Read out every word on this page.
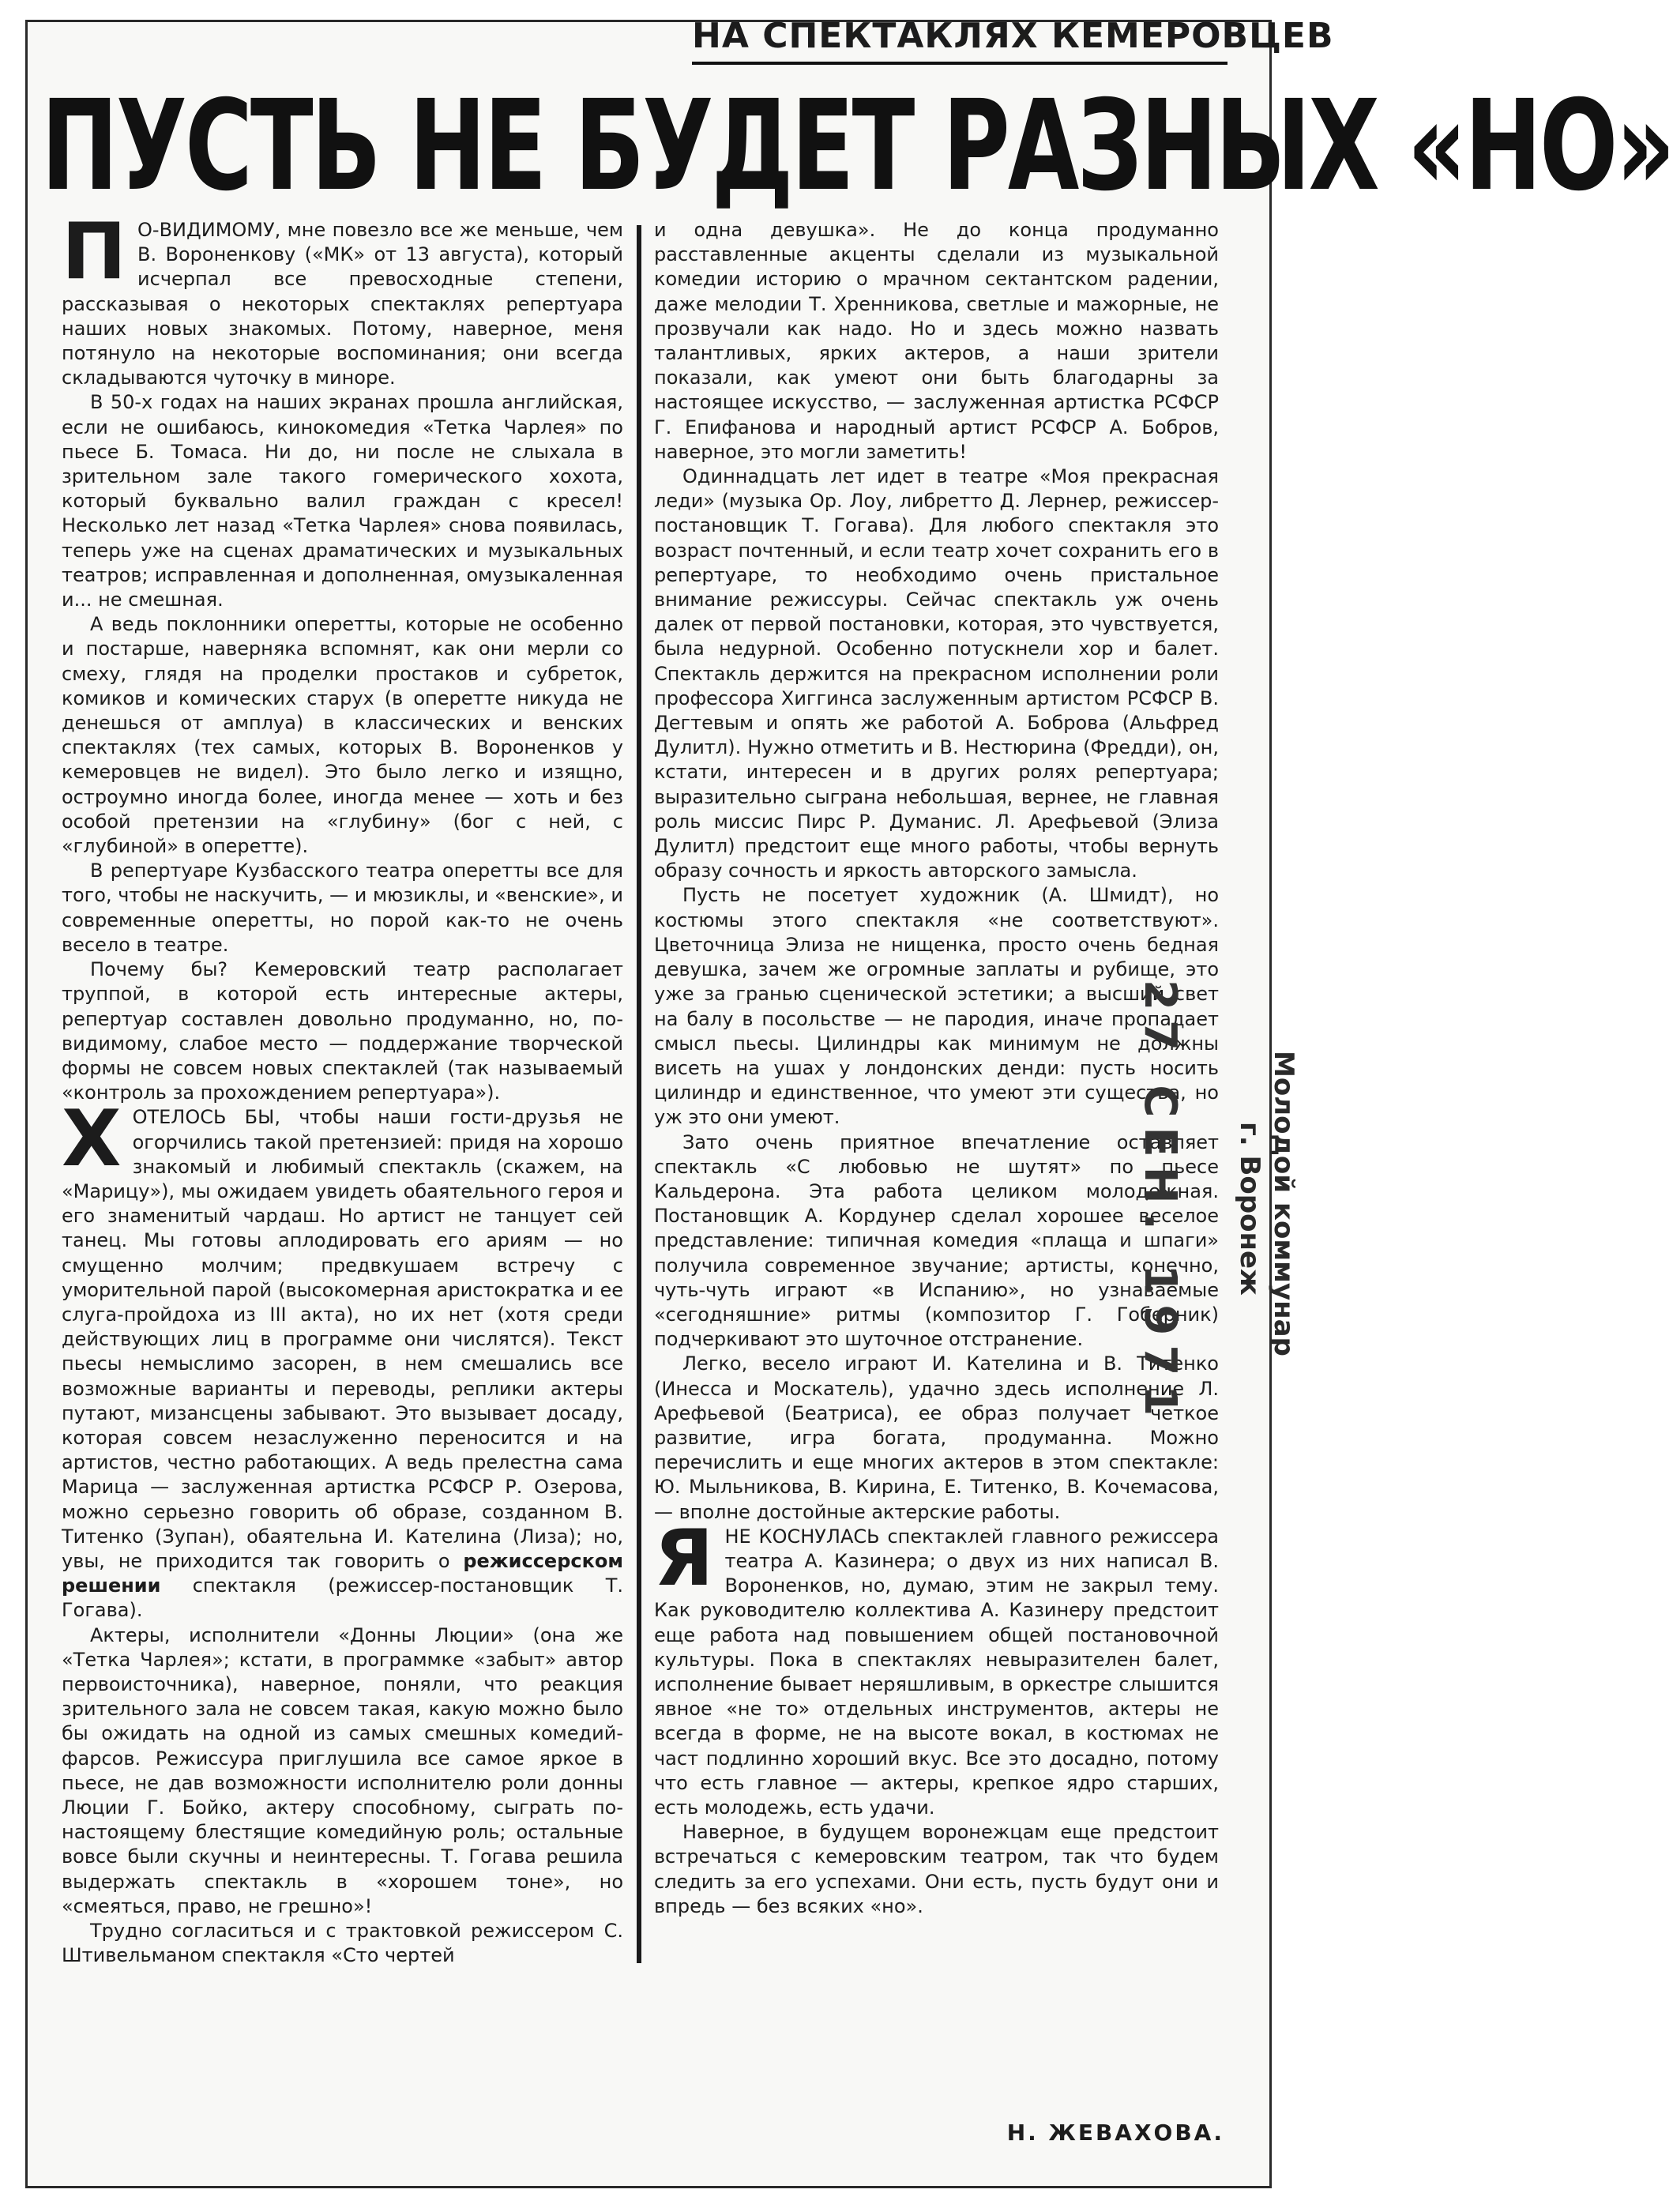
НА СПЕКТАКЛЯХ КЕМЕРОВЦЕВ
ПУСТЬ НЕ БУДЕТ РАЗНЫХ «НО»

ПО-ВИДИМОМУ, мне повезло все же меньше, чем В. Вороненкову («МК» от 13 августа), который исчерпал все превосходные степени, рассказывая о некоторых спектаклях репертуара наших новых знакомых. Потому, наверное, меня потянуло на некоторые воспоминания; они всегда складываются чуточку в миноре.

В 50-х годах на наших экранах прошла английская, если не ошибаюсь, кинокомедия «Тетка Чарлея» по пьесе Б. Томаса. Ни до, ни после не слыхала в зрительном зале такого гомерического хохота, который буквально валил граждан с кресел! Несколько лет назад «Тетка Чарлея» снова появилась, теперь уже на сценах драматических и музыкальных театров; исправленная и дополненная, омузыкаленная и... не смешная.

А ведь поклонники оперетты, которые не особенно и постарше, наверняка вспомнят, как они мерли со смеху, глядя на проделки простаков и субреток, комиков и комических старух (в оперетте никуда не денешься от амплуа) в классических и венских спектаклях (тех самых, которых В. Вороненков у кемеровцев не видел). Это было легко и изящно, остроумно иногда более, иногда менее — хоть и без особой претензии на «глубину» (бог с ней, с «глубиной» в оперетте).

В репертуаре Кузбасского театра оперетты все для того, чтобы не наскучить, — и мюзиклы, и «венские», и современные оперетты, но порой как-то не очень весело в театре.

Почему бы? Кемеровский театр располагает труппой, в которой есть интересные актеры, репертуар составлен довольно продуманно, но, по-видимому, слабое место — поддержание творческой формы не совсем новых спектаклей (так называемый «контроль за прохождением репертуара»).

ХОТЕЛОСЬ БЫ, чтобы наши гости-друзья не огорчились такой претензией: придя на хорошо знакомый и любимый спектакль (скажем, на «Марицу»), мы ожидаем увидеть обаятельного героя и его знаменитый чардаш. Но артист не танцует сей танец. Мы готовы аплодировать его ариям — но смущенно молчим; предвкушаем встречу с уморительной парой (высокомерная аристократка и ее слуга-пройдоха из III акта), но их нет (хотя среди действующих лиц в программе они числятся). Текст пьесы немыслимо засорен, в нем смешались все возможные варианты и переводы, реплики актеры путают, мизансцены забывают. Это вызывает досаду, которая совсем незаслуженно переносится и на артистов, честно работающих. А ведь прелестна сама Марица — заслуженная артистка РСФСР Р. Озерова, можно серьезно говорить об образе, созданном В. Титенко (Зупан), обаятельна И. Кателина (Лиза); но, увы, не приходится так говорить о режиссерском решении спектакля (режиссер-постановщик Т. Гогава).

Актеры, исполнители «Донны Люции» (она же «Тетка Чарлея»; кстати, в программке «забыт» автор первоисточника), наверное, поняли, что реакция зрительного зала не совсем такая, какую можно было бы ожидать на одной из самых смешных комедий-фарсов. Режиссура приглушила все самое яркое в пьесе, не дав возможности исполнителю роли донны Люции Г. Бойко, актеру способному, сыграть по-настоящему блестящие комедийную роль; остальные вовсе были скучны и неинтересны. Т. Гогава решила выдержать спектакль в «хорошем тоне», но «смеяться, право, не грешно»!

Трудно согласиться и с трактовкой режиссером С. Штивельманом спектакля «Сто чертей

и одна девушка». Не до конца продуманно расставленные акценты сделали из музыкальной комедии историю о мрачном сектантском радении, даже мелодии Т. Хренникова, светлые и мажорные, не прозвучали как надо. Но и здесь можно назвать талантливых, ярких актеров, а наши зрители показали, как умеют они быть благодарны за настоящее искусство, — заслуженная артистка РСФСР Г. Епифанова и народный артист РСФСР А. Бобров, наверное, это могли заметить!

Одиннадцать лет идет в театре «Моя прекрасная леди» (музыка Ор. Лоу, либретто Д. Лернер, режиссер-постановщик Т. Гогава). Для любого спектакля это возраст почтенный, и если театр хочет сохранить его в репертуаре, то необходимо очень пристальное внимание режиссуры. Сейчас спектакль уж очень далек от первой постановки, которая, это чувствуется, была недурной. Особенно потускнели хор и балет. Спектакль держится на прекрасном исполнении роли профессора Хиггинса заслуженным артистом РСФСР В. Дегтевым и опять же работой А. Боброва (Альфред Дулитл). Нужно отметить и В. Нестюрина (Фредди), он, кстати, интересен и в других ролях репертуара; выразительно сыграна небольшая, вернее, не главная роль миссис Пирс Р. Думанис. Л. Арефьевой (Элиза Дулитл) предстоит еще много работы, чтобы вернуть образу сочность и яркость авторского замысла.

Пусть не посетует художник (А. Шмидт), но костюмы этого спектакля «не соответствуют». Цветочница Элиза не нищенка, просто очень бедная девушка, зачем же огромные заплаты и рубище, это уже за гранью сценической эстетики; а высший свет на балу в посольстве — не пародия, иначе пропадает смысл пьесы. Цилиндры как минимум не должны висеть на ушах у лондонских денди: пусть носить цилиндр и единственное, что умеют эти существа, но уж это они умеют.

Зато очень приятное впечатление оставляет спектакль «С любовью не шутят» по пьесе Кальдерона. Эта работа целиком молодежная. Постановщик А. Кордунер сделал хорошее веселое представление: типичная комедия «плаща и шпаги» получила современное звучание; артисты, конечно, чуть-чуть играют «в Испанию», но узнаваемые «сегодняшние» ритмы (композитор Г. Гоберник) подчеркивают это шуточное отстранение.

Легко, весело играют И. Кателина и В. Титенко (Инесса и Москатель), удачно здесь исполнение Л. Арефьевой (Беатриса), ее образ получает четкое развитие, игра богата, продуманна. Можно перечислить и еще многих актеров в этом спектакле: Ю. Мыльникова, В. Кирина, Е. Титенко, В. Кочемасова, — вполне достойные актерские работы.

ЯНЕ КОСНУЛАСЬ спектаклей главного режиссера театра А. Казинера; о двух из них написал В. Вороненков, но, думаю, этим не закрыл тему. Как руководителю коллектива А. Казинеру предстоит еще работа над повышением общей постановочной культуры. Пока в спектаклях невыразителен балет, исполнение бывает неряшливым, в оркестре слышится явное «не то» отдельных инструментов, актеры не всегда в форме, не на высоте вокал, в костюмах не част подлинно хороший вкус. Все это досадно, потому что есть главное — актеры, крепкое ядро старших, есть молодежь, есть удачи.

Наверное, в будущем воронежцам еще предстоит встречаться с кемеровским театром, так что будем следить за его успехами. Они есть, пусть будут они и впредь — без всяких «но».

Н. ЖЕВАХОВА.
27 СЕН. 1971	Молодой коммунар
г. Воронеж
